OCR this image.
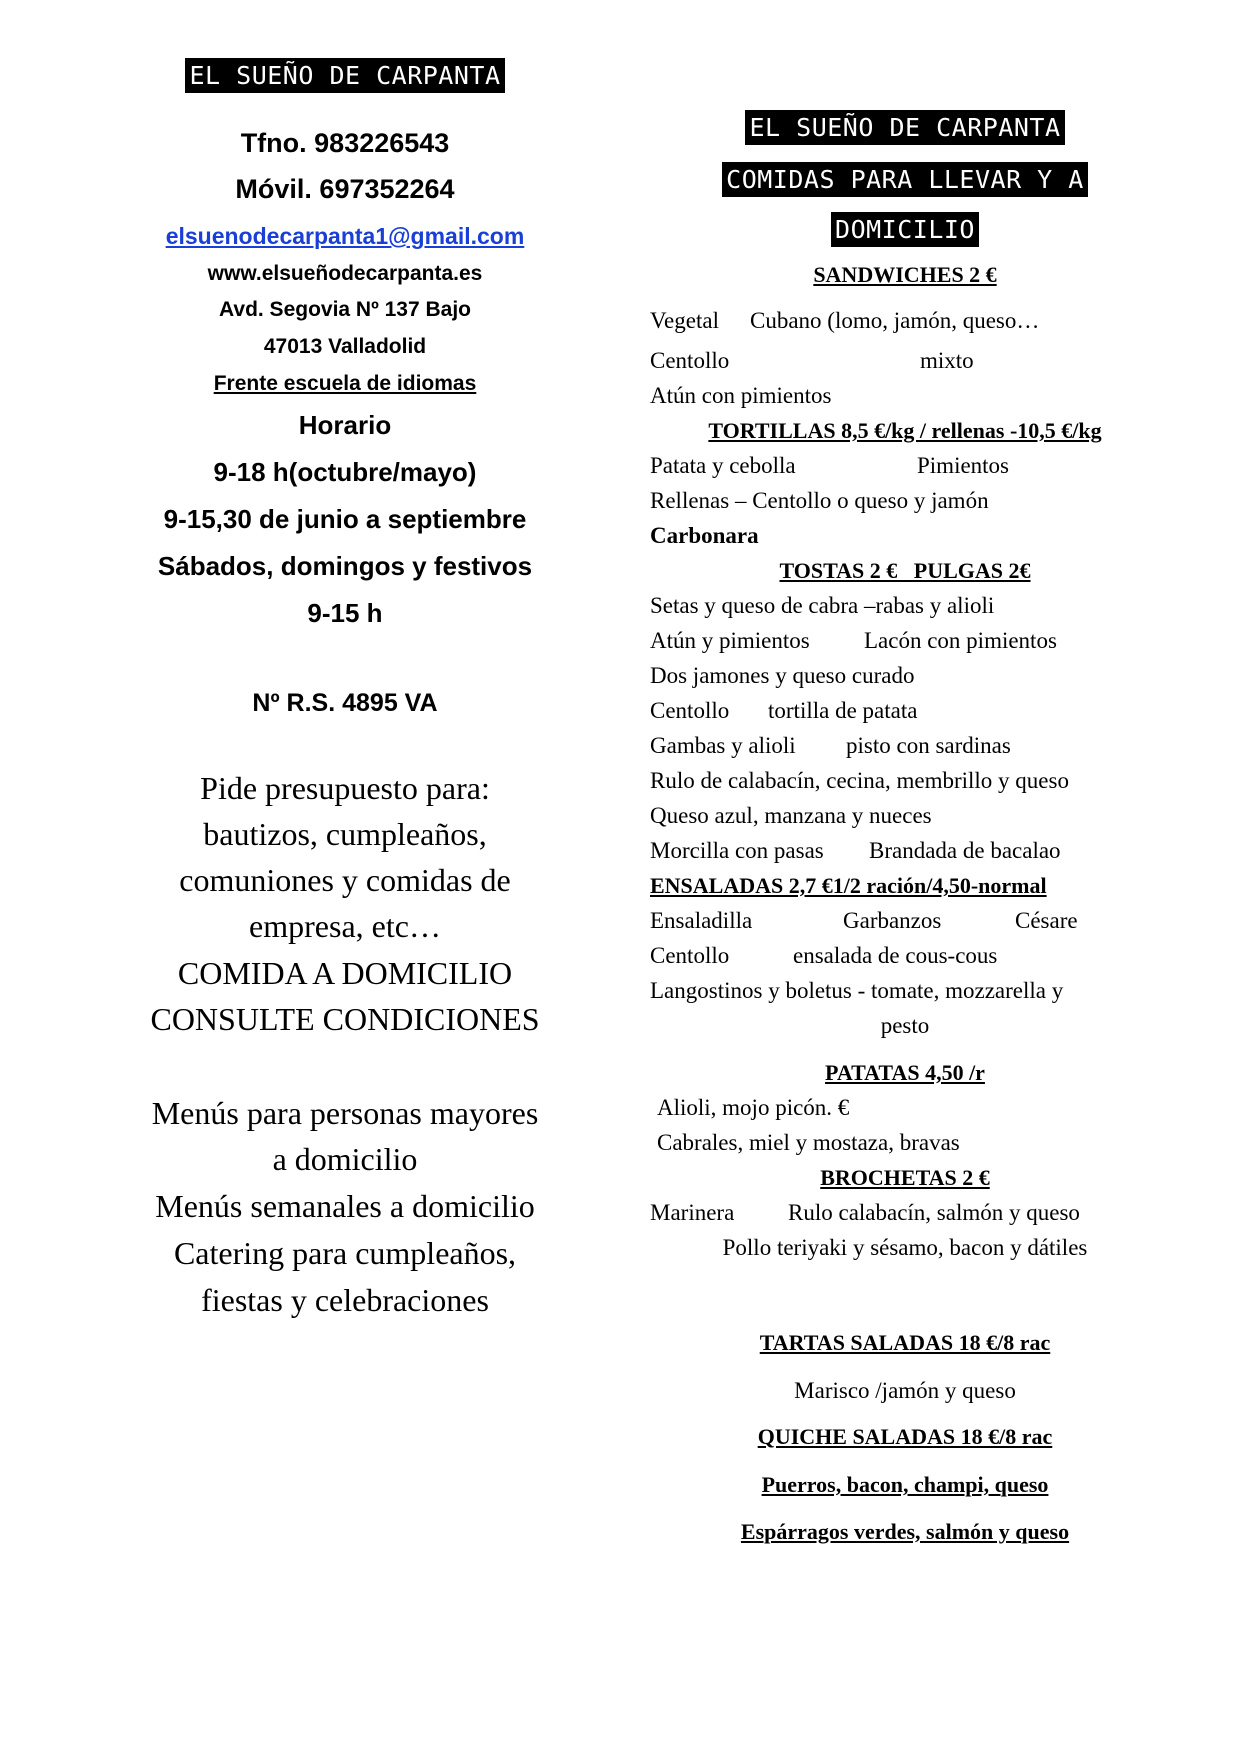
EL SUEÑO DE CARPANTA
Tfno. 983226543
Móvil. 697352264
elsuenodecarpanta1@gmail.com
www.elsueñodecarpanta.es
Avd. Segovia Nº 137 Bajo
47013 Valladolid
Frente escuela de idiomas
Horario
9-18 h(octubre/mayo)
9-15,30 de junio a septiembre
Sábados, domingos y festivos
9-15 h
Nº R.S. 4895 VA
Pide presupuesto para:
bautizos, cumpleaños,
comuniones y comidas de
empresa, etc…
COMIDA A DOMICILIO
CONSULTE CONDICIONES
Menús para personas mayores
a domicilio
Menús semanales a domicilio
Catering para cumpleaños,
fiestas y celebraciones
EL SUEÑO DE CARPANTA
COMIDAS PARA LLEVAR Y A
DOMICILIO
SANDWICHES 2 €
Vegetal Cubano (lomo, jamón, queso…
Centollo	mixto
Atún con pimientos
TORTILLAS 8,5 €/kg / rellenas -10,5 €/kg
Patata y cebolla	Pimientos
Rellenas – Centollo o queso y jamón
Carbonara
TOSTAS 2 €   PULGAS 2€
Setas y queso de cabra –rabas y alioli
Atún y pimientos Lacón con pimientos
Dos jamones y queso curado
Centollo tortilla de patata
Gambas y alioli pisto con sardinas
Rulo de calabacín, cecina, membrillo y queso
Queso azul, manzana y nueces
Morcilla con pasas Brandada de bacalao
ENSALADAS 2,7 €1/2 ración/4,50-normal
Ensaladilla	Garbanzos	Césare
Centollo	ensalada de cous-cous
Langostinos y boletus - tomate, mozzarella y
pesto
PATATAS 4,50 /r
Alioli, mojo picón. €
Cabrales, miel y mostaza, bravas
BROCHETAS 2 €
Marinera Rulo calabacín, salmón y queso
Pollo teriyaki y sésamo, bacon y dátiles
TARTAS SALADAS 18 €/8 rac
Marisco /jamón y queso
QUICHE SALADAS 18 €/8 rac
Puerros, bacon, champi, queso
Espárragos verdes, salmón y queso
